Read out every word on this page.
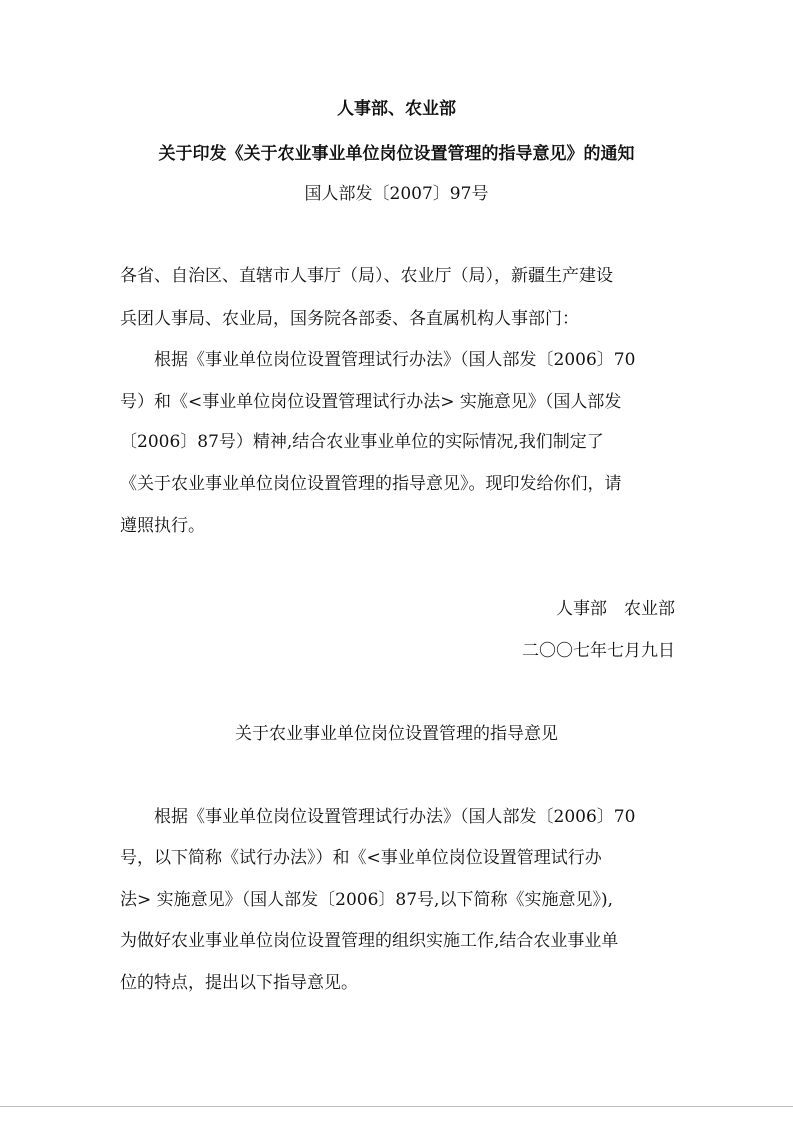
人事部、农业部
关于印发《关于农业事业单位岗位设置管理的指导意见》的通知
国人部发〔2007〕97号
各省、自治区、直辖市人事厅（局）、农业厅（局），新疆生产建设
兵团人事局、农业局，国务院各部委、各直属机构人事部门：
根据《事业单位岗位设置管理试行办法》（国人部发〔2006〕70
号）和《<事业单位岗位设置管理试行办法> 实施意见》（国人部发
〔2006〕87号）精神,结合农业事业单位的实际情况,我们制定了
《关于农业事业单位岗位设置管理的指导意见》。现印发给你们，请
遵照执行。
人事部　农业部
二〇〇七年七月九日
关于农业事业单位岗位设置管理的指导意见
根据《事业单位岗位设置管理试行办法》（国人部发〔2006〕70
号，以下简称《试行办法》）和《<事业单位岗位设置管理试行办
法> 实施意见》（国人部发〔2006〕87号,以下简称《实施意见》),
为做好农业事业单位岗位设置管理的组织实施工作,结合农业事业单
位的特点，提出以下指导意见。
